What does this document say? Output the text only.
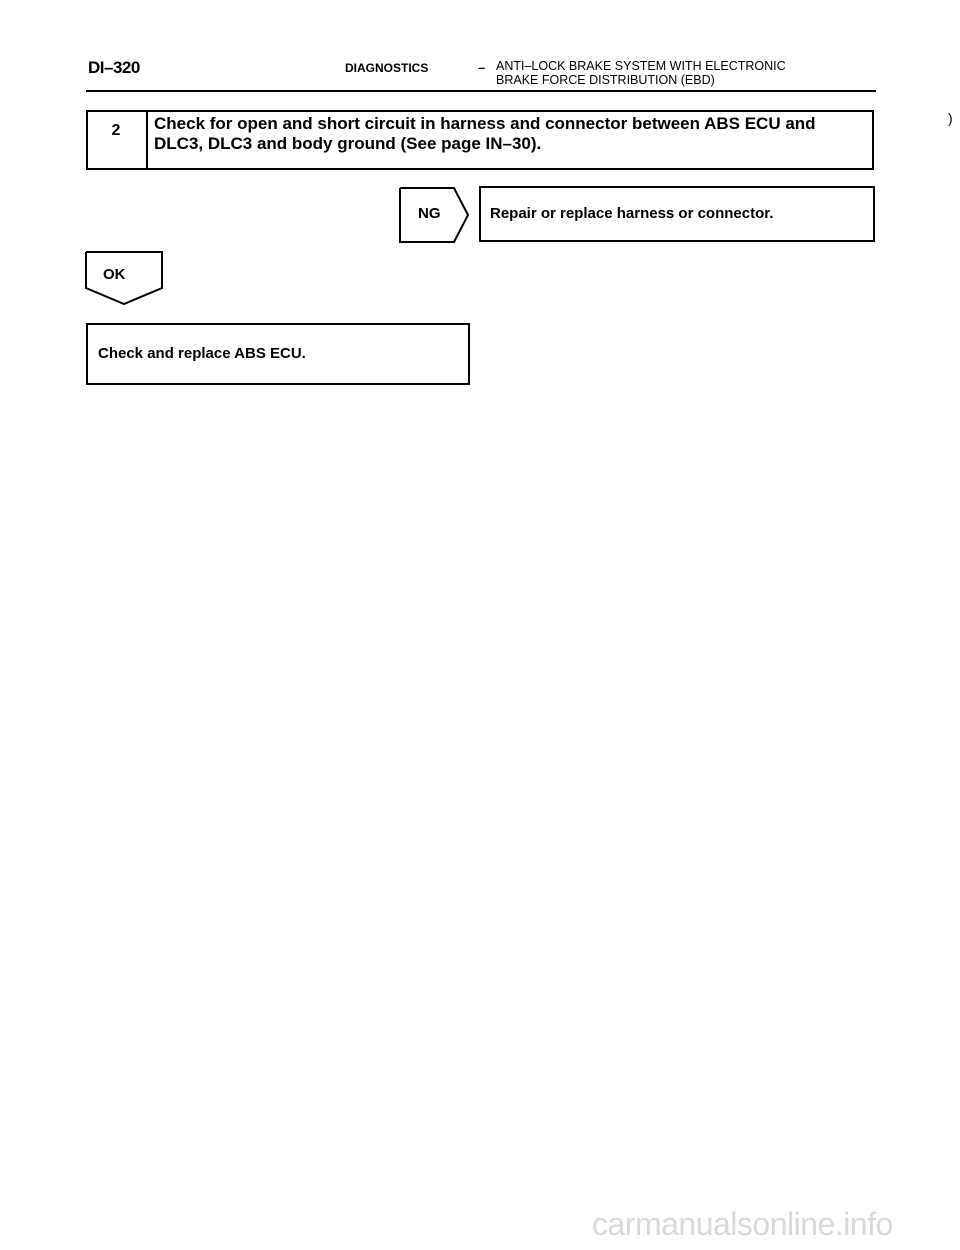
DI–320	DIAGNOSTICS	– ANTI–LOCK BRAKE SYSTEM WITH ELECTRONIC
BRAKE FORCE DISTRIBUTION (EBD)
2	Check for open and short circuit in harness and connector between ABS ECU and DLC3, DLC3 and body ground (See page IN–30).
NG	Repair or replace harness or connector.
OK
Check and replace ABS ECU.
)
carmanualsonline.info
